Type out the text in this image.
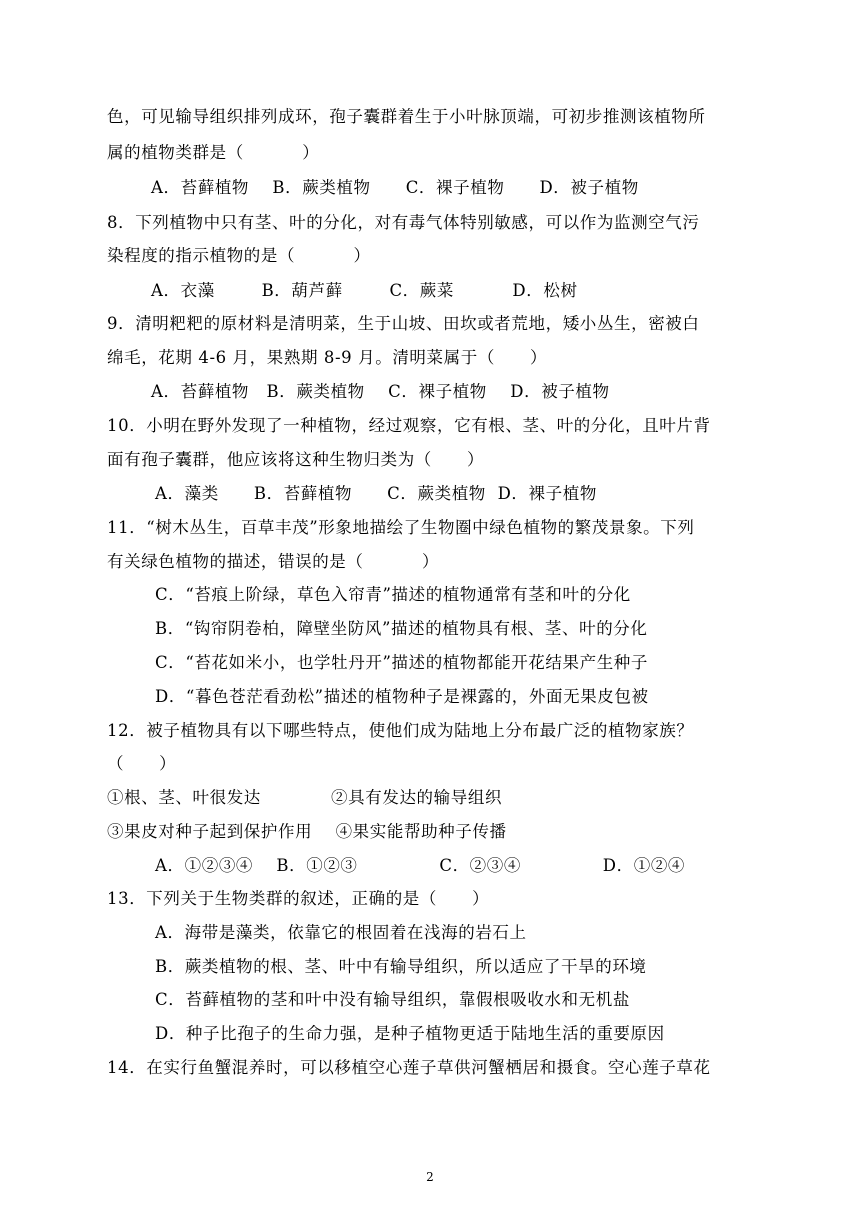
色，可见输导组织排列成环，孢子囊群着生于小叶脉顶端，可初步推测该植物所
属的植物类群是（          ）
A．苔藓植物    B．蕨类植物      C．裸子植物      D．被子植物
8．下列植物中只有茎、叶的分化，对有毒气体特别敏感，可以作为监测空气污
染程度的指示植物的是（          ）
A．衣藻        B．葫芦藓        C．蕨菜          D．松树
9．清明粑粑的原材料是清明菜，生于山坡、田坎或者荒地，矮小丛生，密被白
绵毛，花期 4-6 月，果熟期 8-9 月。清明菜属于（      ）
A．苔藓植物   B．蕨类植物    C．裸子植物    D．被子植物
10．小明在野外发现了一种植物，经过观察，它有根、茎、叶的分化，且叶片背
面有孢子囊群，他应该将这种生物归类为（      ）
A．藻类      B．苔藓植物      C．蕨类植物  D．裸子植物
11．“树木丛生，百草丰茂”形象地描绘了生物圈中绿色植物的繁茂景象。下列
有关绿色植物的描述，错误的是（          ）
C．“苔痕上阶绿，草色入帘青”描述的植物通常有茎和叶的分化
B．“钩帘阴卷柏，障壁坐防风”描述的植物具有根、茎、叶的分化
C．“苔花如米小，也学牡丹开”描述的植物都能开花结果产生种子
D．“暮色苍茫看劲松”描述的植物种子是裸露的，外面无果皮包被
12．被子植物具有以下哪些特点，使他们成为陆地上分布最广泛的植物家族？
（      ）
①根、茎、叶很发达            ②具有发达的输导组织
③果皮对种子起到保护作用    ④果实能帮助种子传播
A．①②③④    B．①②③              C．②③④              D．①②④
13．下列关于生物类群的叙述，正确的是（      ）
A．海带是藻类，依靠它的根固着在浅海的岩石上
B．蕨类植物的根、茎、叶中有输导组织，所以适应了干旱的环境
C．苔藓植物的茎和叶中没有输导组织，靠假根吸收水和无机盐
D．种子比孢子的生命力强，是种子植物更适于陆地生活的重要原因
14．在实行鱼蟹混养时，可以移植空心莲子草供河蟹栖居和摄食。空心莲子草花
2
